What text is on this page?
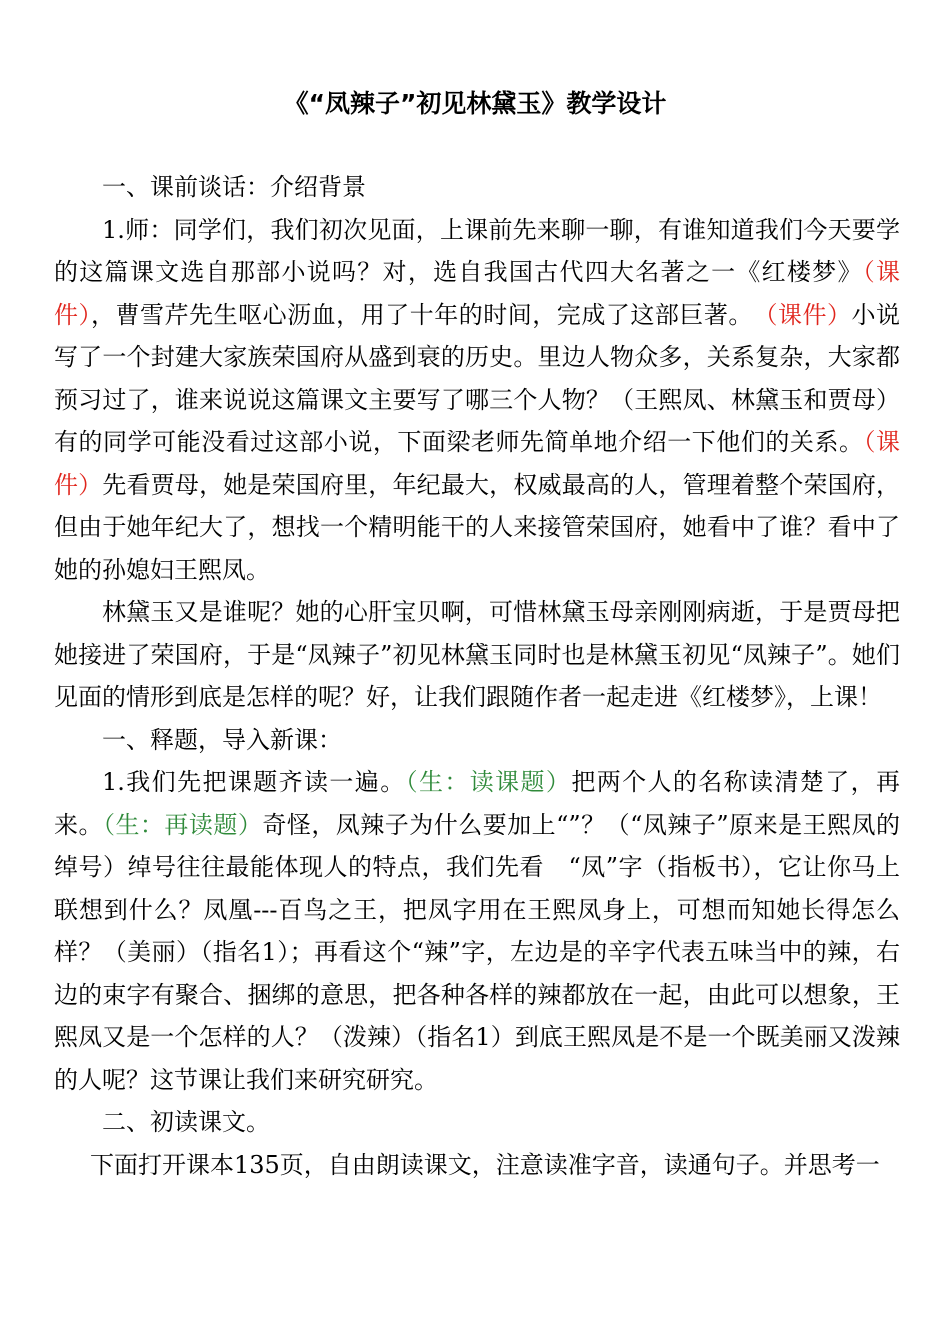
《“凤辣子”初见林黛玉》教学设计

一、课前谈话：介绍背景

1.师：同学们，我们初次见面，上课前先来聊一聊，有谁知道我们今天要学的这篇课文选自那部小说吗？对，选自我国古代四大名著之一《红楼梦》（课件），曹雪芹先生呕心沥血，用了十年的时间，完成了这部巨著。　（课件）小说写了一个封建大家族荣国府从盛到衰的历史。里边人物众多，关系复杂，大家都预习过了，谁来说说这篇课文主要写了哪三个人物？（王熙凤、林黛玉和贾母）有的同学可能没看过这部小说，下面梁老师先简单地介绍一下他们的关系。（课件）先看贾母，她是荣国府里，年纪最大，权威最高的人，管理着整个荣国府，但由于她年纪大了，想找一个精明能干的人来接管荣国府，她看中了谁？看中了她的孙媳妇王熙凤。

林黛玉又是谁呢？她的心肝宝贝啊，可惜林黛玉母亲刚刚病逝，于是贾母把她接进了荣国府，于是“凤辣子”初见林黛玉同时也是林黛玉初见“凤辣子”。她们见面的情形到底是怎样的呢？好，让我们跟随作者一起走进《红楼梦》，上课！

一、释题，导入新课：

1.我们先把课题齐读一遍。（生：读课题）把两个人的名称读清楚了，再来。（生：再读题）奇怪，凤辣子为什么要加上“”？（“凤辣子”原来是王熙凤的绰号）绰号往往最能体现人的特点，我们先看　“凤”字（指板书），它让你马上联想到什么？凤凰---百鸟之王，把凤字用在王熙凤身上，可想而知她长得怎么样？（美丽）（指名1）；再看这个“辣”字，左边是的辛字代表五味当中的辣，右边的束字有聚合、捆绑的意思，把各种各样的辣都放在一起，由此可以想象，王熙凤又是一个怎样的人？（泼辣）（指名1）到底王熙凤是不是一个既美丽又泼辣的人呢？这节课让我们来研究研究。

二、初读课文。

下面打开课本135页，自由朗读课文，注意读准字音，读通句子。并思考一
